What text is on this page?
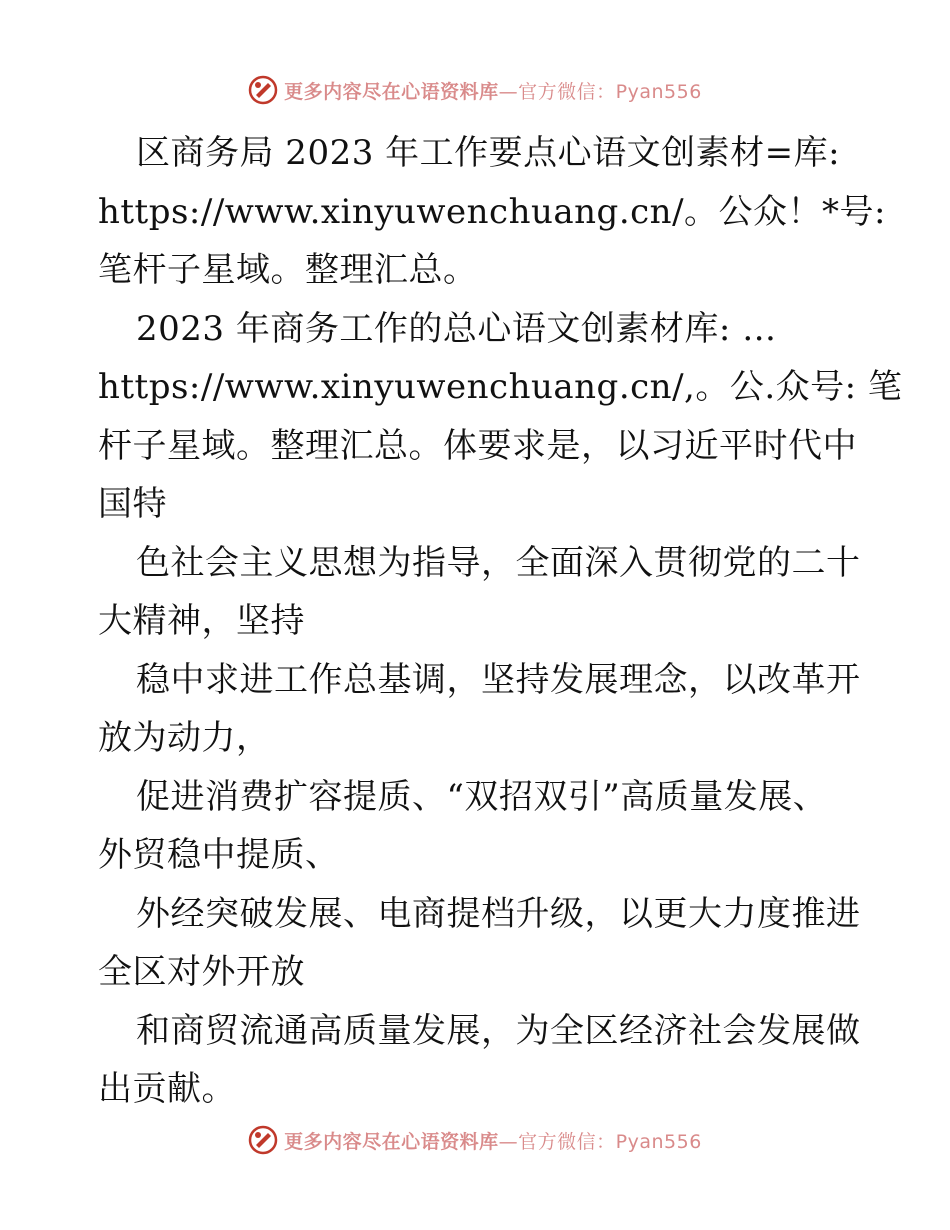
更多内容尽在心语资料库 —官方微信：Pyan556
区商务局 2023 年工作要点心语文创素材=库:
https://www.xinyuwenchuang.cn/。公众！*号:
笔杆子星域。整理汇总。
2023 年商务工作的总心语文创素材库: …
https://www.xinyuwenchuang.cn/,。公.众号: 笔
杆子星域。整理汇总。体要求是，以习近平时代中
国特
色社会主义思想为指导，全面深入贯彻党的二十
大精神，坚持
稳中求进工作总基调，坚持发展理念，以改革开
放为动力，
促进消费扩容提质、“双招双引”高质量发展、
外贸稳中提质、
外经突破发展、电商提档升级，以更大力度推进
全区对外开放
和商贸流通高质量发展，为全区经济社会发展做
出贡献。
更多内容尽在心语资料库 —官方微信：Pyan556
